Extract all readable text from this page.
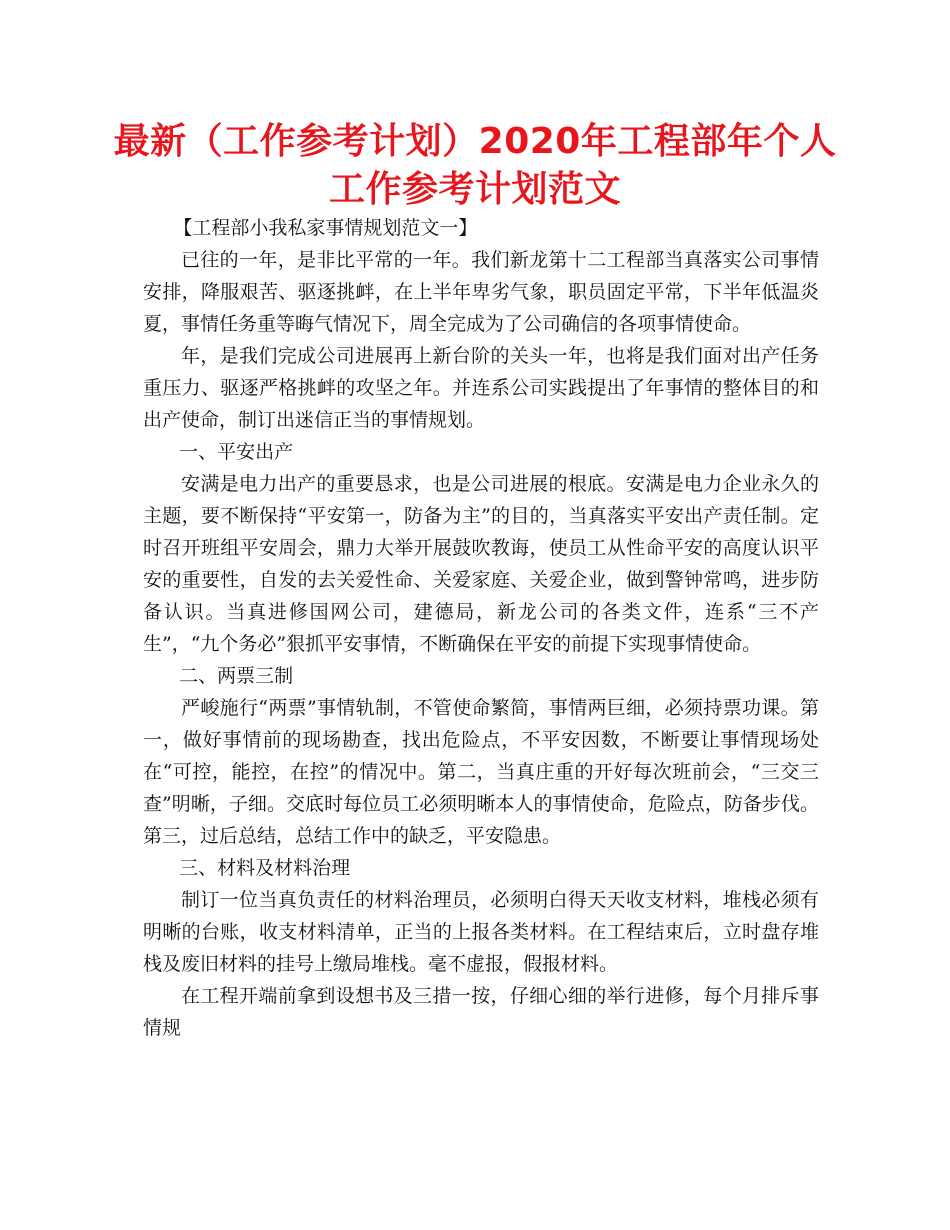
最新（工作参考计划）2020年工程部年个人工作参考计划范文

【工程部小我私家事情规划范文一】

已往的一年，是非比平常的一年。我们新龙第十二工程部当真落实公司事情安排，降服艰苦、驱逐挑衅，在上半年卑劣气象，职员固定平常，下半年低温炎夏，事情任务重等晦气情况下，周全完成为了公司确信的各项事情使命。

年，是我们完成公司进展再上新台阶的关头一年，也将是我们面对出产任务重压力、驱逐严格挑衅的攻坚之年。并连系公司实践提出了年事情的整体目的和出产使命，制订出迷信正当的事情规划。

一、平安出产

安满是电力出产的重要恳求，也是公司进展的根底。安满是电力企业永久的主题，要不断保持“平安第一，防备为主”的目的，当真落实平安出产责任制。定时召开班组平安周会，鼎力大举开展鼓吹教诲，使员工从性命平安的高度认识平安的重要性，自发的去关爱性命、关爱家庭、关爱企业，做到警钟常鸣，进步防备认识。当真进修国网公司，建德局，新龙公司的各类文件，连系“三不产生”，“九个务必”狠抓平安事情，不断确保在平安的前提下实现事情使命。

二、两票三制

严峻施行“两票”事情轨制，不管使命繁简，事情两巨细，必须持票功课。第一，做好事情前的现场勘查，找出危险点，不平安因数，不断要让事情现场处在“可控，能控，在控”的情况中。第二，当真庄重的开好每次班前会，“三交三查”明晰，子细。交底时每位员工必须明晰本人的事情使命，危险点，防备步伐。第三，过后总结，总结工作中的缺乏，平安隐患。

三、材料及材料治理

制订一位当真负责任的材料治理员，必须明白得天天收支材料，堆栈必须有明晰的台账，收支材料清单，正当的上报各类材料。在工程结束后，立时盘存堆栈及废旧材料的挂号上缴局堆栈。毫不虚报，假报材料。

在工程开端前拿到设想书及三措一按，仔细心细的举行进修，每个月排斥事情规
